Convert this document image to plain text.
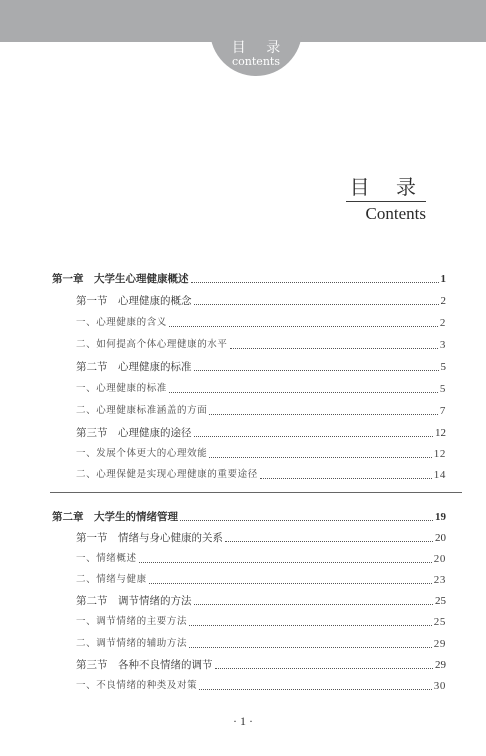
目 录
contents
目 录
Contents
第一章　大学生心理健康概述	1
第一节　心理健康的概念	2
一、心理健康的含义	2
二、如何提高个体心理健康的水平	3
第二节　心理健康的标准	5
一、心理健康的标准	5
二、心理健康标准涵盖的方面	7
第三节　心理健康的途径	12
一、发展个体更大的心理效能	12
二、心理保健是实现心理健康的重要途径	14
第二章　大学生的情绪管理	19
第一节　情绪与身心健康的关系	20
一、情绪概述	20
二、情绪与健康	23
第二节　调节情绪的方法	25
一、调节情绪的主要方法	25
二、调节情绪的辅助方法	29
第三节　各种不良情绪的调节	29
一、不良情绪的种类及对策	30
· 1 ·
